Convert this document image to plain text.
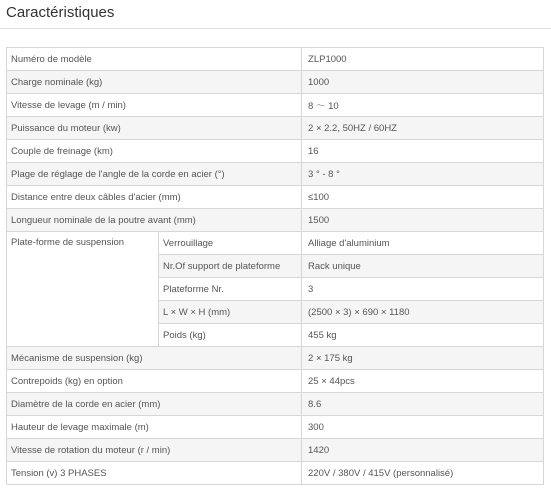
Caractéristiques
Numéro de modèle		ZLP1000
Charge nominale (kg)		1000
Vitesse de levage (m / min)		8 ～ 10
Puissance du moteur (kw)		2 × 2.2, 50HZ / 60HZ
Couple de freinage (km)		16
Plage de réglage de l'angle de la corde en acier (°)		3 ° - 8 °
Distance entre deux câbles d'acier (mm)		≤100
Longueur nominale de la poutre avant (mm)		1500
Plate-forme de suspension	Verrouillage	Alliage d'aluminium
	Nr.Of support de plateforme	Rack unique
	Plateforme Nr.	3
	L × W × H (mm)	(2500 × 3) × 690 × 1180
	Poids (kg)	455 kg
Mécanisme de suspension (kg)		2 × 175 kg
Contrepoids (kg) en option		25 × 44pcs
Diamètre de la corde en acier (mm)		8.6
Hauteur de levage maximale (m)		300
Vitesse de rotation du moteur (r / min)		1420
Tension (v) 3 PHASES		220V / 380V / 415V (personnalisé)
